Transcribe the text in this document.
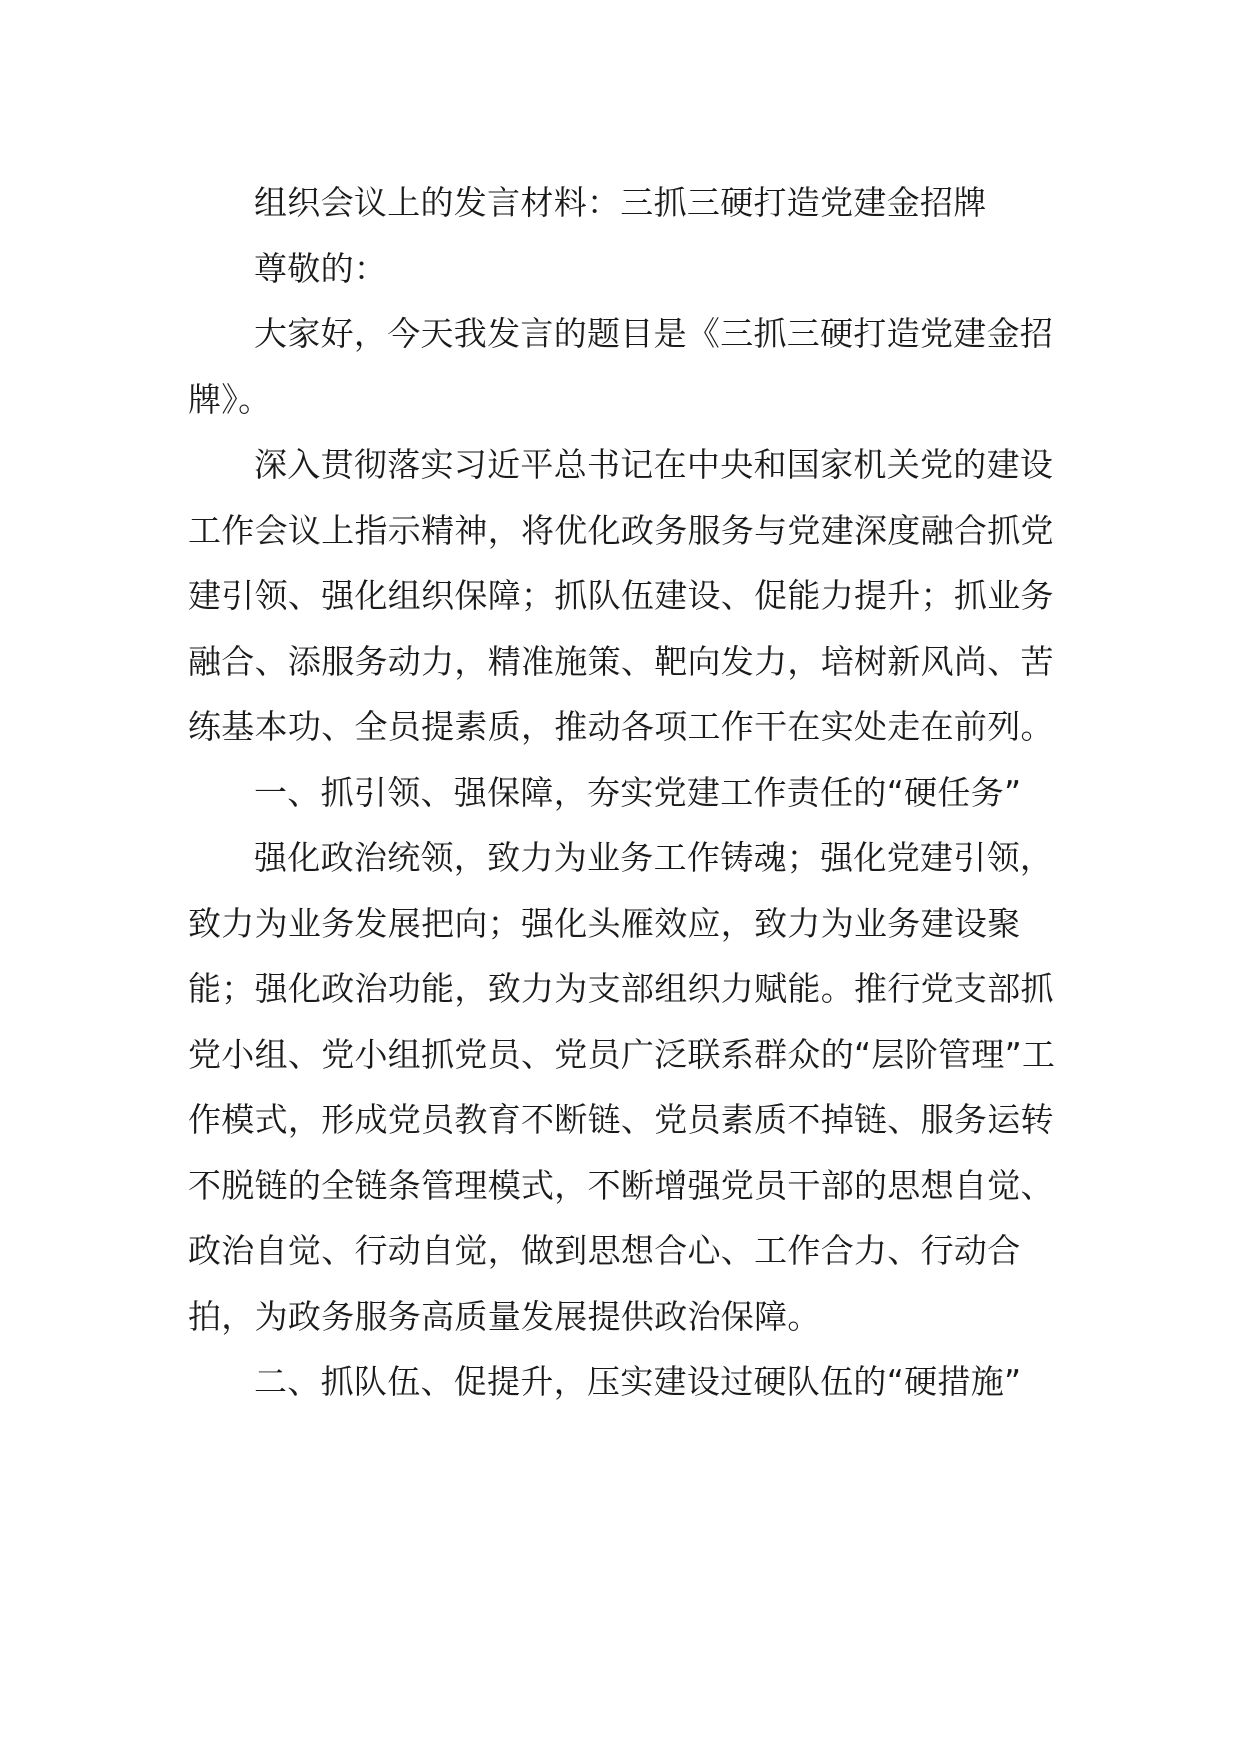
组织会议上的发言材料：三抓三硬打造党建金招牌

尊敬的：

大家好，今天我发言的题目是《三抓三硬打造党建金招牌》。

深入贯彻落实习近平总书记在中央和国家机关党的建设工作会议上指示精神，将优化政务服务与党建深度融合抓党建引领、强化组织保障；抓队伍建设、促能力提升；抓业务融合、添服务动力，精准施策、靶向发力，培树新风尚、苦练基本功、全员提素质，推动各项工作干在实处走在前列。

一、抓引领、强保障，夯实党建工作责任的“硬任务”

强化政治统领，致力为业务工作铸魂；强化党建引领，致力为业务发展把向；强化头雁效应，致力为业务建设聚能；强化政治功能，致力为支部组织力赋能。推行党支部抓党小组、党小组抓党员、党员广泛联系群众的“层阶管理”工作模式，形成党员教育不断链、党员素质不掉链、服务运转不脱链的全链条管理模式，不断增强党员干部的思想自觉、政治自觉、行动自觉，做到思想合心、工作合力、行动合拍，为政务服务高质量发展提供政治保障。

二、抓队伍、促提升，压实建设过硬队伍的“硬措施”
